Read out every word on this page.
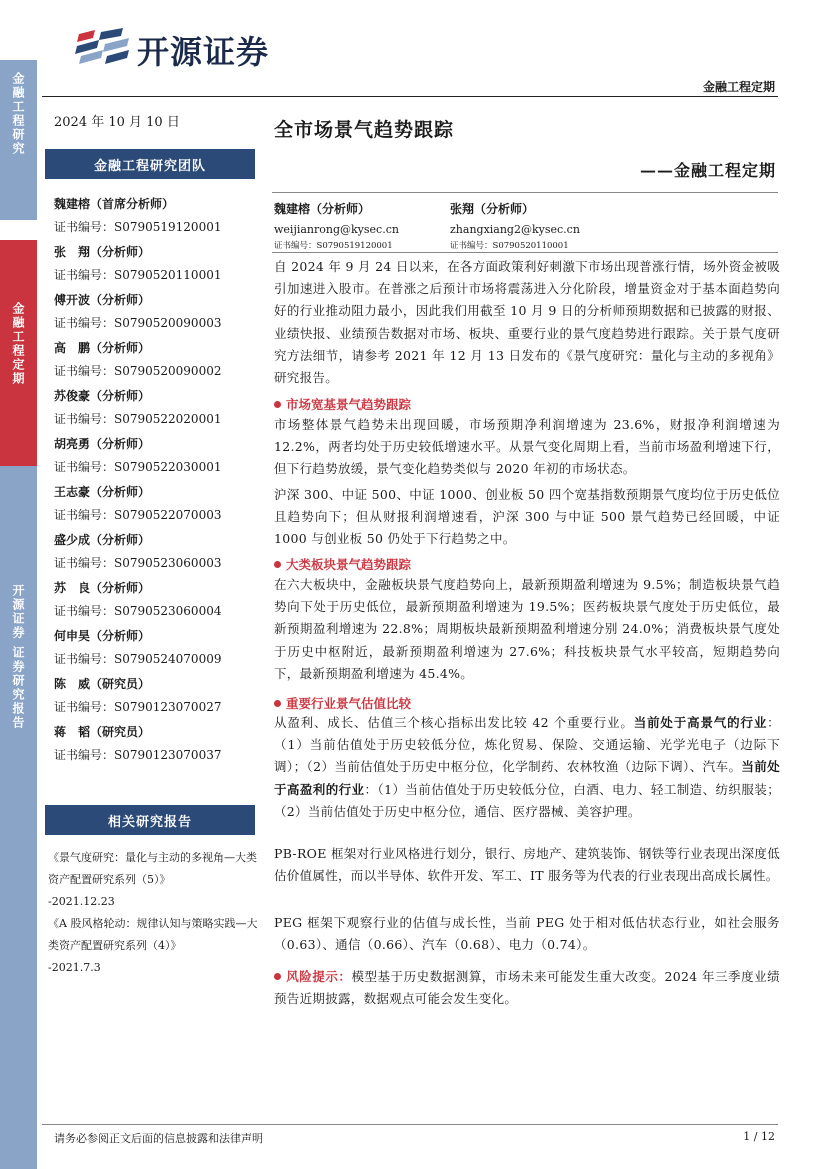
金融工程研究
金融工程定期
开源证券 证券研究报告
开源证券
金融工程定期
2024 年 10 月 10 日
金融工程研究团队
魏建榕（首席分析师）
证书编号：S0790519120001
张　翔（分析师）
证书编号：S0790520110001
傅开波（分析师）
证书编号：S0790520090003
高　鹏（分析师）
证书编号：S0790520090002
苏俊豪（分析师）
证书编号：S0790522020001
胡亮勇（分析师）
证书编号：S0790522030001
王志豪（分析师）
证书编号：S0790522070003
盛少成（分析师）
证书编号：S0790523060003
苏　良（分析师）
证书编号：S0790523060004
何申昊（分析师）
证书编号：S0790524070009
陈　威（研究员）
证书编号：S0790123070027
蒋　韬（研究员）
证书编号：S0790123070037
相关研究报告
《景气度研究：量化与主动的多视角—大类资产配置研究系列（5）》
-2021.12.23
《A 股风格轮动：规律认知与策略实践—大类资产配置研究系列（4）》
-2021.7.3
全市场景气趋势跟踪
——金融工程定期
魏建榕（分析师）
weijianrong@kysec.cn
证书编号：S0790519120001
张翔（分析师）
zhangxiang2@kysec.cn
证书编号：S0790520110001
自 2024 年 9 月 24 日以来，在各方面政策利好刺激下市场出现普涨行情，场外资金被吸引加速进入股市。在普涨之后预计市场将震荡进入分化阶段，增量资金对于基本面趋势向好的行业推动阻力最小，因此我们用截至 10 月 9 日的分析师预期数据和已披露的财报、业绩快报、业绩预告数据对市场、板块、重要行业的景气度趋势进行跟踪。关于景气度研究方法细节，请参考 2021 年 12 月 13 日发布的《景气度研究：量化与主动的多视角》研究报告。
市场宽基景气趋势跟踪
市场整体景气趋势未出现回暖，市场预期净利润增速为 23.6%，财报净利润增速为 12.2%，两者均处于历史较低增速水平。从景气变化周期上看，当前市场盈利增速下行，但下行趋势放缓，景气变化趋势类似与 2020 年初的市场状态。
沪深 300、中证 500、中证 1000、创业板 50 四个宽基指数预期景气度均位于历史低位且趋势向下；但从财报利润增速看，沪深 300 与中证 500 景气趋势已经回暖，中证 1000 与创业板 50 仍处于下行趋势之中。
大类板块景气趋势跟踪
在六大板块中，金融板块景气度趋势向上，最新预期盈利增速为 9.5%；制造板块景气趋势向下处于历史低位，最新预期盈利增速为 19.5%；医药板块景气度处于历史低位，最新预期盈利增速为 22.8%；周期板块最新预期盈利增速分别 24.0%；消费板块景气度处于历史中枢附近，最新预期盈利增速为 27.6%；科技板块景气水平较高，短期趋势向下，最新预期盈利增速为 45.4%。
重要行业景气估值比较
从盈利、成长、估值三个核心指标出发比较 42 个重要行业。当前处于高景气的行业：（1）当前估值处于历史较低分位，炼化贸易、保险、交通运输、光学光电子（边际下调）；（2）当前估值处于历史中枢分位，化学制药、农林牧渔（边际下调）、汽车。当前处于高盈利的行业：（1）当前估值处于历史较低分位，白酒、电力、轻工制造、纺织服装；（2）当前估值处于历史中枢分位，通信、医疗器械、美容护理。
PB-ROE 框架对行业风格进行划分，银行、房地产、建筑装饰、钢铁等行业表现出深度低估价值属性，而以半导体、软件开发、军工、IT 服务等为代表的行业表现出高成长属性。
PEG 框架下观察行业的估值与成长性，当前 PEG 处于相对低估状态行业，如社会服务（0.63）、通信（0.66）、汽车（0.68）、电力（0.74）。
风险提示：模型基于历史数据测算，市场未来可能发生重大改变。2024 年三季度业绩预告近期披露，数据观点可能会发生变化。
请务必参阅正文后面的信息披露和法律声明	1 / 12
